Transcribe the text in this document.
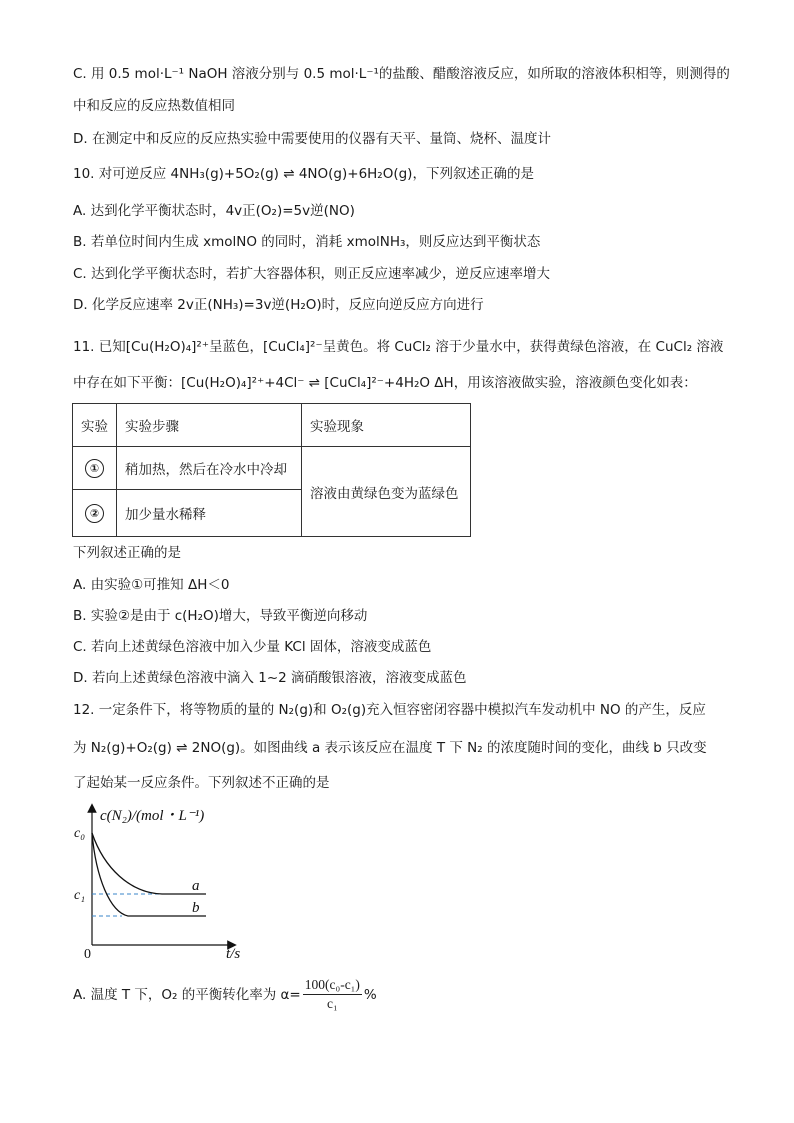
C. 用 0.5 mol·L⁻¹ NaOH 溶液分别与 0.5 mol·L⁻¹的盐酸、醋酸溶液反应，如所取的溶液体积相等，则测得的
中和反应的反应热数值相同
D. 在测定中和反应的反应热实验中需要使用的仪器有天平、量筒、烧杯、温度计
10. 对可逆反应 4NH₃(g)+5O₂(g) ⇌ 4NO(g)+6H₂O(g)，下列叙述正确的是
A. 达到化学平衡状态时，4v正(O₂)=5v逆(NO)
B. 若单位时间内生成 xmolNO 的同时，消耗 xmolNH₃，则反应达到平衡状态
C. 达到化学平衡状态时，若扩大容器体积，则正反应速率减少，逆反应速率增大
D. 化学反应速率 2v正(NH₃)=3v逆(H₂O)时，反应向逆反应方向进行
11. 已知[Cu(H₂O)₄]²⁺呈蓝色，[CuCl₄]²⁻呈黄色。将 CuCl₂ 溶于少量水中，获得黄绿色溶液，在 CuCl₂ 溶液
中存在如下平衡：[Cu(H₂O)₄]²⁺+4Cl⁻ ⇌ [CuCl₄]²⁻+4H₂O ΔH，用该溶液做实验，溶液颜色变化如表：
实验	实验步骤	实验现象
①	稍加热，然后在冷水中冷却	溶液由黄绿色变为蓝绿色
②	加少量水稀释	
下列叙述正确的是
A. 由实验①可推知 ΔH＜0
B. 实验②是由于 c(H₂O)增大，导致平衡逆向移动
C. 若向上述黄绿色溶液中加入少量 KCl 固体，溶液变成蓝色
D. 若向上述黄绿色溶液中滴入 1~2 滴硝酸银溶液，溶液变成蓝色
12. 一定条件下，将等物质的量的 N₂(g)和 O₂(g)充入恒容密闭容器中模拟汽车发动机中 NO 的产生，反应
为 N₂(g)+O₂(g) ⇌ 2NO(g)。如图曲线 a 表示该反应在温度 T 下 N₂ 的浓度随时间的变化，曲线 b 只改变
了起始某一反应条件。下列叙述不正确的是
c(N₂)/(mol・L⁻¹)
c₀
c₁
a
b
0	t/s
A. 温度 T 下，O₂ 的平衡转化率为 $\alpha= \frac{\text{100(c₀-c₁)}}{\text{c₁}}$ %
